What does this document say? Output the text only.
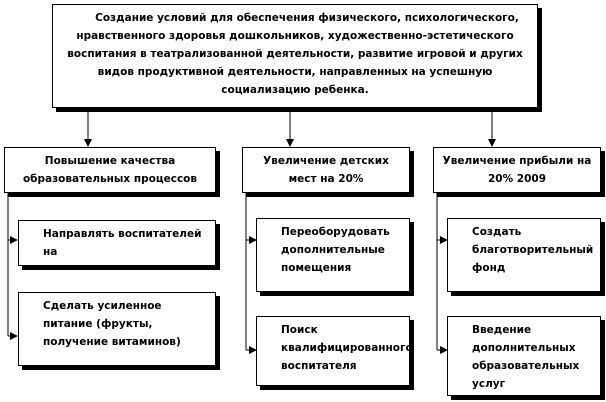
Создание условий для обеспечения физического, психологического, нравственного здоровья дошкольников, художественно-эстетического воспитания в театрализованной деятельности, развитие игровой и других видов продуктивной деятельности, направленных на успешную социализацию ребенка.
Повышение качества образовательных процессов
Направлять воспитателей на
Сделать усиленное питание (фрукты, получение витаминов)
Увеличение детских мест на 20%
Переоборудовать дополнительные помещения
Поиск квалифицированного воспитателя
Увеличение прибыли на 20% 2009
Создать благотворительный фонд
Введение дополнительных образовательных услуг
